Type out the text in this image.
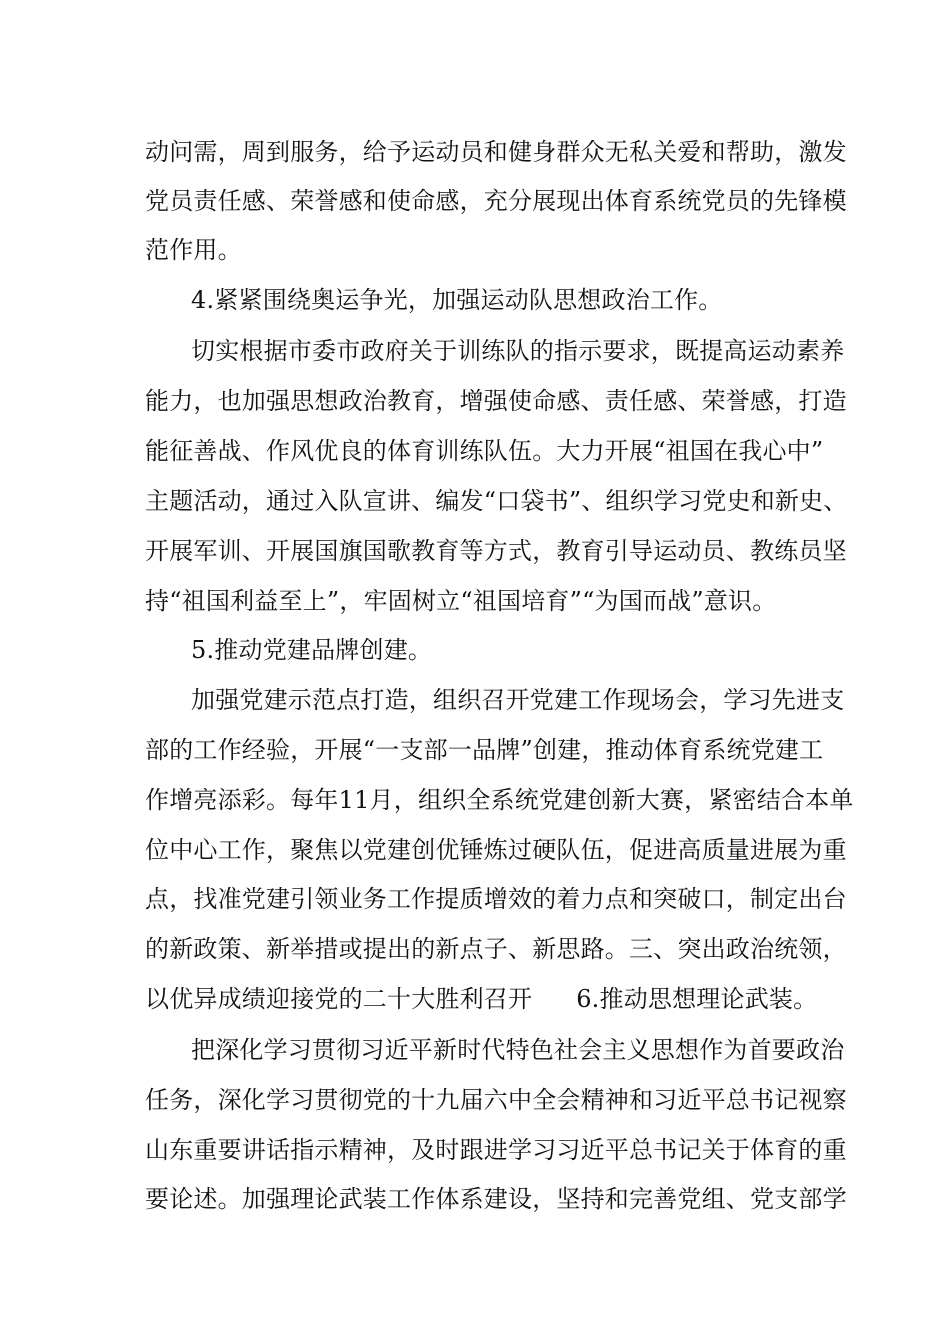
动问需，周到服务，给予运动员和健身群众无私关爱和帮助，激发
党员责任感、荣誉感和使命感，充分展现出体育系统党员的先锋模
范作用。
4.紧紧围绕奥运争光，加强运动队思想政治工作。
切实根据市委市政府关于训练队的指示要求，既提高运动素养
能力，也加强思想政治教育，增强使命感、责任感、荣誉感，打造
能征善战、作风优良的体育训练队伍。大力开展“祖国在我心中”
主题活动，通过入队宣讲、编发“口袋书”、组织学习党史和新史、
开展军训、开展国旗国歌教育等方式，教育引导运动员、教练员坚
持“祖国利益至上”，牢固树立“祖国培育”“为国而战”意识。
5.推动党建品牌创建。
加强党建示范点打造，组织召开党建工作现场会，学习先进支
部的工作经验，开展“一支部一品牌”创建，推动体育系统党建工
作增亮添彩。每年11月，组织全系统党建创新大赛，紧密结合本单
位中心工作，聚焦以党建创优锤炼过硬队伍，促进高质量进展为重
点，找准党建引领业务工作提质增效的着力点和突破口，制定出台
的新政策、新举措或提出的新点子、新思路。三、突出政治统领，
以优异成绩迎接党的二十大胜利召开 6.推动思想理论武装。
把深化学习贯彻习近平新时代特色社会主义思想作为首要政治
任务，深化学习贯彻党的十九届六中全会精神和习近平总书记视察
山东重要讲话指示精神，及时跟进学习习近平总书记关于体育的重
要论述。加强理论武装工作体系建设，坚持和完善党组、党支部学
